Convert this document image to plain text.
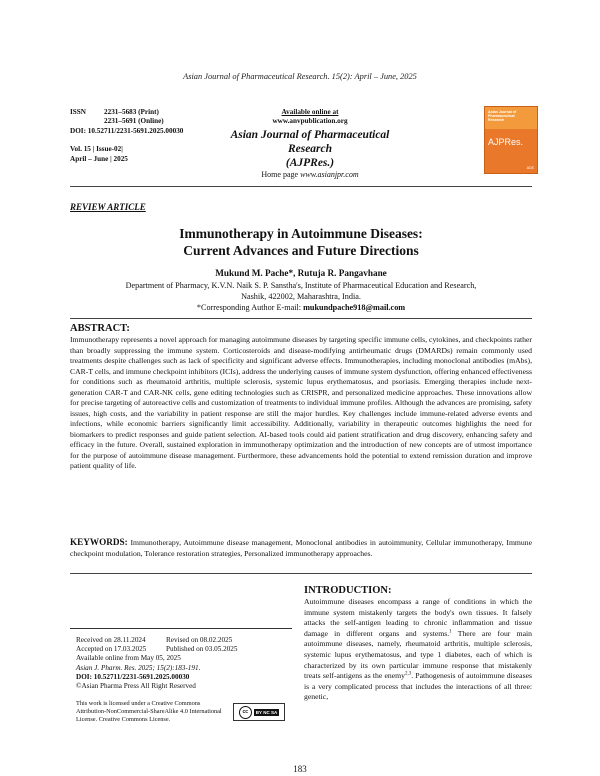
Asian Journal of Pharmaceutical Research. 15(2): April – June, 2025
ISSN	2231–5683 (Print)
2231–5691 (Online)
DOI: 10.52711/2231-5691.2025.00030
Vol. 15 | Issue-02|
April – June | 2025
Available online at
www.anvpublication.org
Asian Journal of Pharmaceutical Research
(AJPRes.)
Home page www.asianjpr.com
Asian Journal of Pharmaceutical Research
AJPRes.
ADE
REVIEW ARTICLE
Immunotherapy in Autoimmune Diseases:
Current Advances and Future Directions
Mukund M. Pache*, Rutuja R. Pangavhane
Department of Pharmacy, K.V.N. Naik S. P. Sanstha's, Institute of Pharmaceutical Education and Research,
Nashik, 422002, Maharashtra, India.
*Corresponding Author E-mail: mukundpache918@mail.com
ABSTRACT:
Immunotherapy represents a novel approach for managing autoimmune diseases by targeting specific immune cells, cytokines, and checkpoints rather than broadly suppressing the immune system. Corticosteroids and disease-modifying antirheumatic drugs (DMARDs) remain commonly used treatments despite challenges such as lack of specificity and significant adverse effects. Immunotherapies, including monoclonal antibodies (mAbs), CAR-T cells, and immune checkpoint inhibitors (ICIs), address the underlying causes of immune system dysfunction, offering enhanced effectiveness for conditions such as rheumatoid arthritis, multiple sclerosis, systemic lupus erythematosus, and psoriasis. Emerging therapies include next-generation CAR-T and CAR-NK cells, gene editing technologies such as CRISPR, and personalized medicine approaches. These innovations allow for precise targeting of autoreactive cells and customization of treatments to individual immune profiles. Although the advances are promising, safety issues, high costs, and the variability in patient response are still the major hurdles. Key challenges include immune-related adverse events and infections, while economic barriers significantly limit accessibility. Additionally, variability in therapeutic outcomes highlights the need for biomarkers to predict responses and guide patient selection. AI-based tools could aid patient stratification and drug discovery, enhancing safety and efficacy in the future. Overall, sustained exploration in immunotherapy optimization and the introduction of new concepts are of utmost importance for the purpose of autoimmune disease management. Furthermore, these advancements hold the potential to extend remission duration and improve patient quality of life.
KEYWORDS: Immunotherapy, Autoimmune disease management, Monoclonal antibodies in autoimmunity, Cellular immunotherapy, Immune checkpoint modulation, Tolerance restoration strategies, Personalized immunotherapy approaches.
INTRODUCTION:
Autoimmune diseases encompass a range of conditions in which the immune system mistakenly targets the body's own tissues. It falsely attacks the self-antigen leading to chronic inflammation and tissue damage in different organs and systems.$^1$ There are four main autoimmune diseases, namely, rheumatoid arthritis, multiple sclerosis, systemic lupus erythematosus, and type 1 diabetes, each of which is characterized by its own particular immune response that mistakenly treats self-antigens as the enemy$^{2,3}$. Pathogenesis of autoimmune diseases is a very complicated process that includes the interactions of all three: genetic,
Received on 28.11.2024	Revised on 08.02.2025
Accepted on 17.03.2025	Published on 03.05.2025
Available online from May 05, 2025
Asian J. Pharm. Res. 2025; 15(2):183-191.
DOI: 10.52711/2231-5691.2025.00030
©Asian Pharma Press All Right Reserved
This work is licensed under a Creative Commons Attribution-NonCommercial-ShareAlike 4.0 International License. Creative Commons License.
cc	BY NC SA
183
